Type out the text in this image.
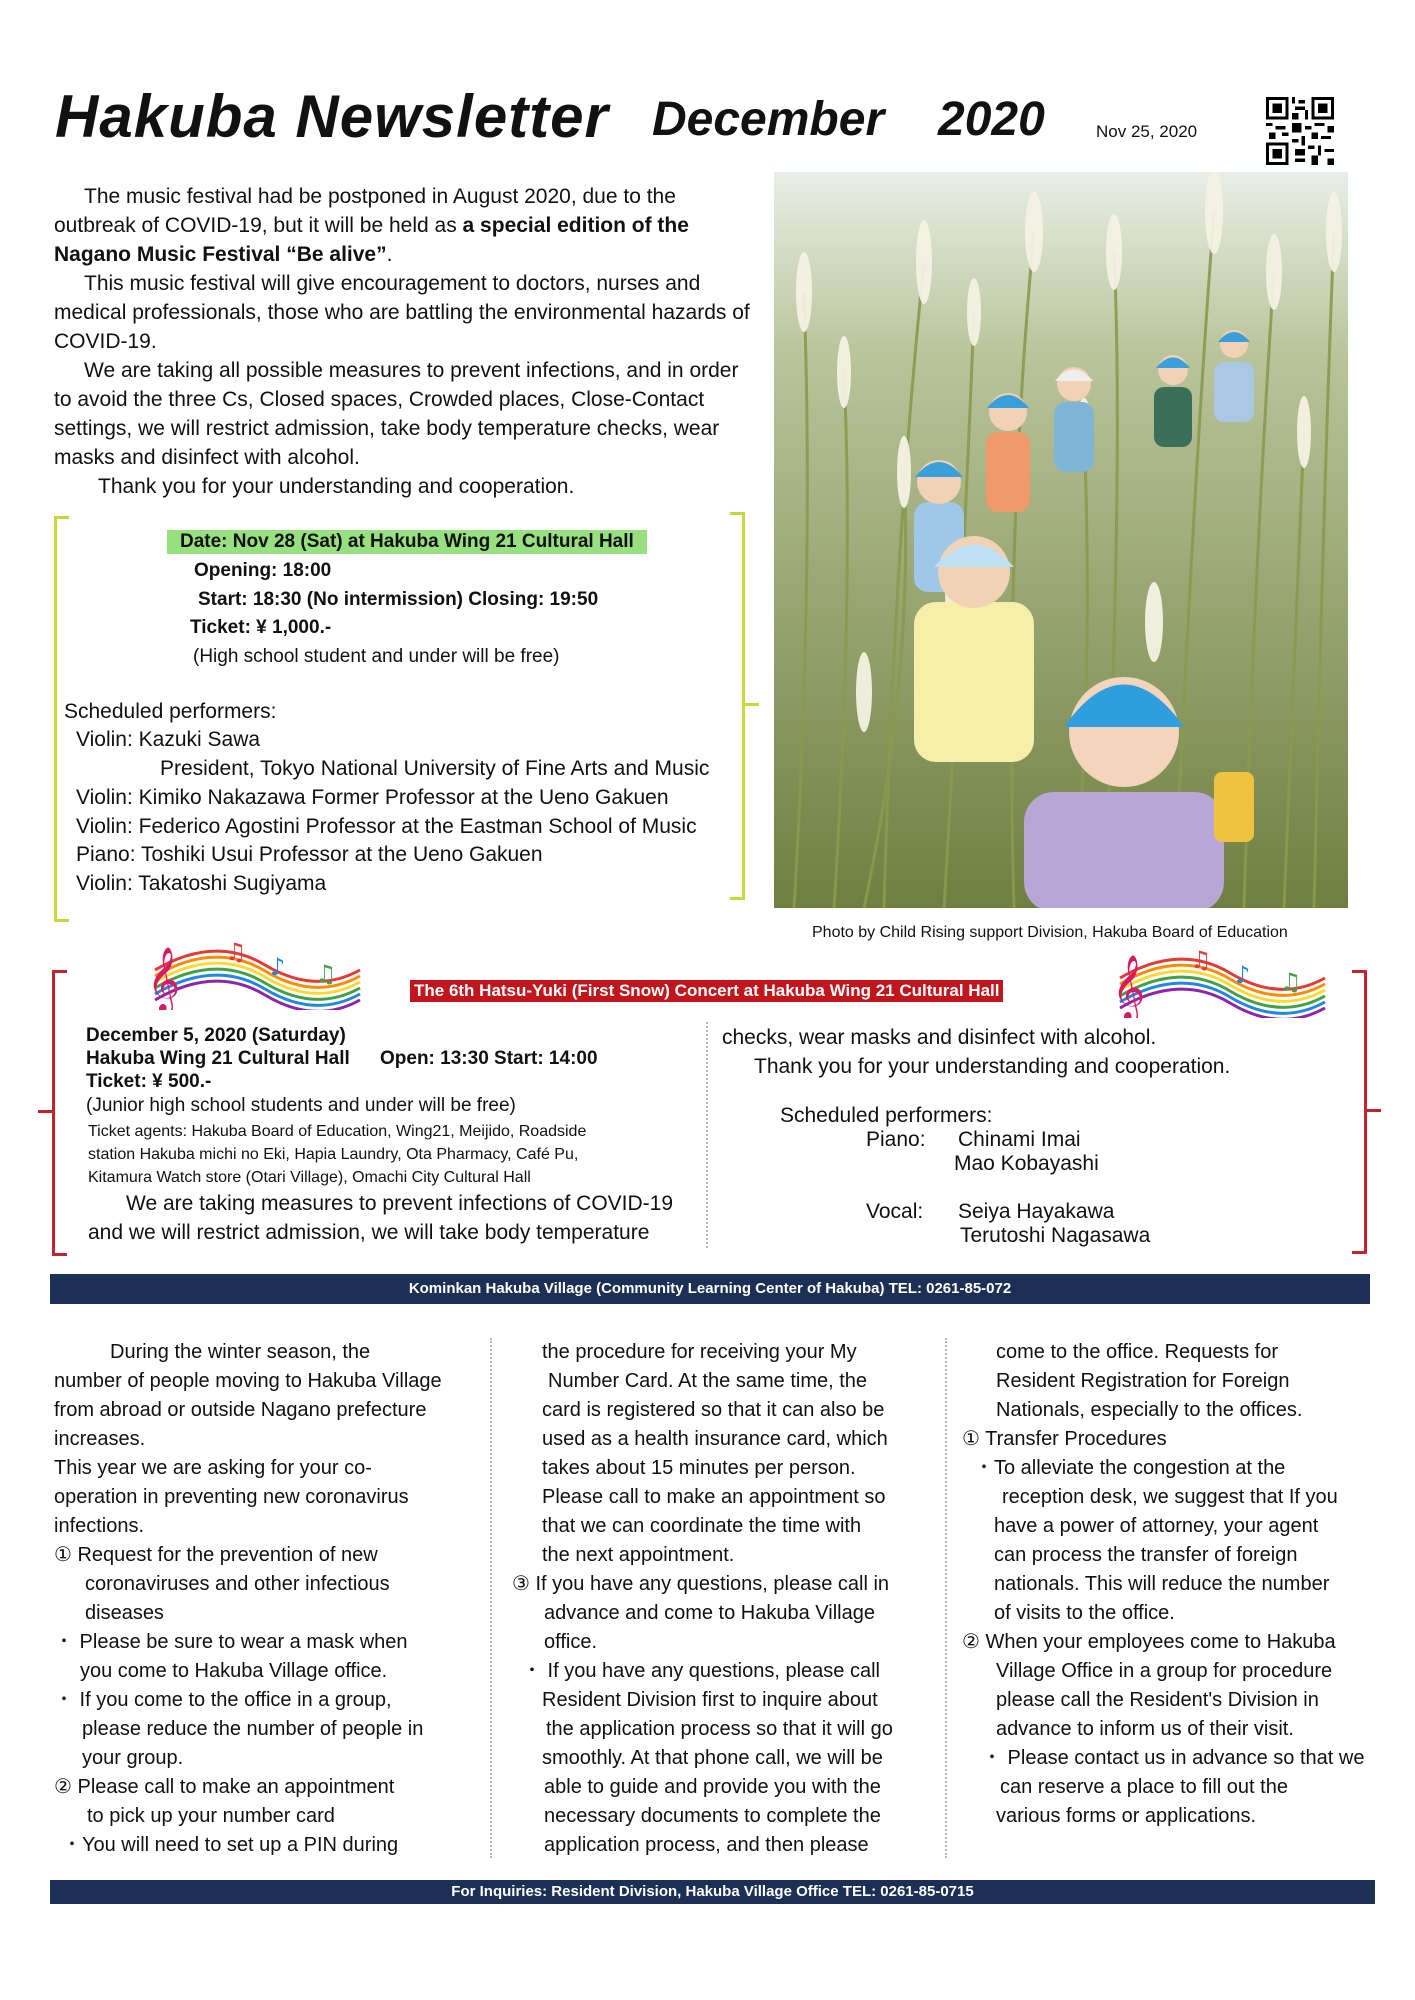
Hakuba Newsletter December 2020	Nov 25, 2020

The music festival had be postponed in August 2020, due to the outbreak of COVID-19, but it will be held as a special edition of the Nagano Music Festival “Be alive”.

This music festival will give encouragement to doctors, nurses and medical professionals, those who are battling the environmental hazards of COVID-19.

We are taking all possible measures to prevent infections, and in order to avoid the three Cs, Closed spaces, Crowded places, Close-Contact settings, we will restrict admission, take body temperature checks, wear masks and disinfect with alcohol.

Thank you for your understanding and cooperation.

Date: Nov 28 (Sat) at Hakuba Wing 21 Cultural Hall
Opening: 18:00
Start: 18:30 (No intermission) Closing: 19:50
Ticket: ¥ 1,000.-
(High school student and under will be free)
Scheduled performers:
Violin: Kazuki Sawa
President, Tokyo National University of Fine Arts and Music
Violin: Kimiko Nakazawa Former Professor at the Ueno Gakuen
Violin: Federico Agostini Professor at the Eastman School of Music
Piano: Toshiki Usui Professor at the Ueno Gakuen
Violin: Takatoshi Sugiyama
Photo by Child Rising support Division, Hakuba Board of Education
𝄞 ♫
♪ ♫	𝄞 ♫
♪ ♫
The 6th Hatsu-Yuki (First Snow) Concert at Hakuba Wing 21 Cultural Hall
December 5, 2020 (Saturday)
Hakuba Wing 21 Cultural Hall Open: 13:30 Start: 14:00
Ticket: ¥ 500.-
(Junior high school students and under will be free)
Ticket agents: Hakuba Board of Education, Wing21, Meijido, Roadside
station Hakuba michi no Eki, Hapia Laundry, Ota Pharmacy, Café Pu,
Kitamura Watch store (Otari Village), Omachi City Cultural Hall
We are taking measures to prevent infections of COVID-19
and we will restrict admission, we will take body temperature
checks, wear masks and disinfect with alcohol.
Thank you for your understanding and cooperation.
Scheduled performers:
Piano: Chinami Imai
Mao Kobayashi
Vocal: Seiya Hayakawa
Terutoshi Nagasawa
Kominkan Hakuba Village (Community Learning Center of Hakuba) TEL: 0261-85-072
During the winter season, the
number of people moving to Hakuba Village
from abroad or outside Nagano prefecture
increases.
This year we are asking for your co-
operation in preventing new coronavirus
infections.
① Request for the prevention of new
coronaviruses and other infectious
diseases
・ Please be sure to wear a mask when
you come to Hakuba Village office.
・ If you come to the office in a group,
please reduce the number of people in
your group.
② Please call to make an appointment
to pick up your number card
・You will need to set up a PIN during
the procedure for receiving your My
Number Card. At the same time, the
card is registered so that it can also be
used as a health insurance card, which
takes about 15 minutes per person.
Please call to make an appointment so
that we can coordinate the time with
the next appointment.
③ If you have any questions, please call in
advance and come to Hakuba Village
office.
・ If you have any questions, please call
Resident Division first to inquire about
the application process so that it will go
smoothly. At that phone call, we will be
able to guide and provide you with the
necessary documents to complete the
application process, and then please
come to the office. Requests for
Resident Registration for Foreign
Nationals, especially to the offices.
① Transfer Procedures
・To alleviate the congestion at the
reception desk, we suggest that If you
have a power of attorney, your agent
can process the transfer of foreign
nationals. This will reduce the number
of visits to the office.
② When your employees come to Hakuba
Village Office in a group for procedure
please call the Resident's Division in
advance to inform us of their visit.
・ Please contact us in advance so that we
can reserve a place to fill out the
various forms or applications.
For Inquiries: Resident Division, Hakuba Village Office TEL: 0261-85-0715
